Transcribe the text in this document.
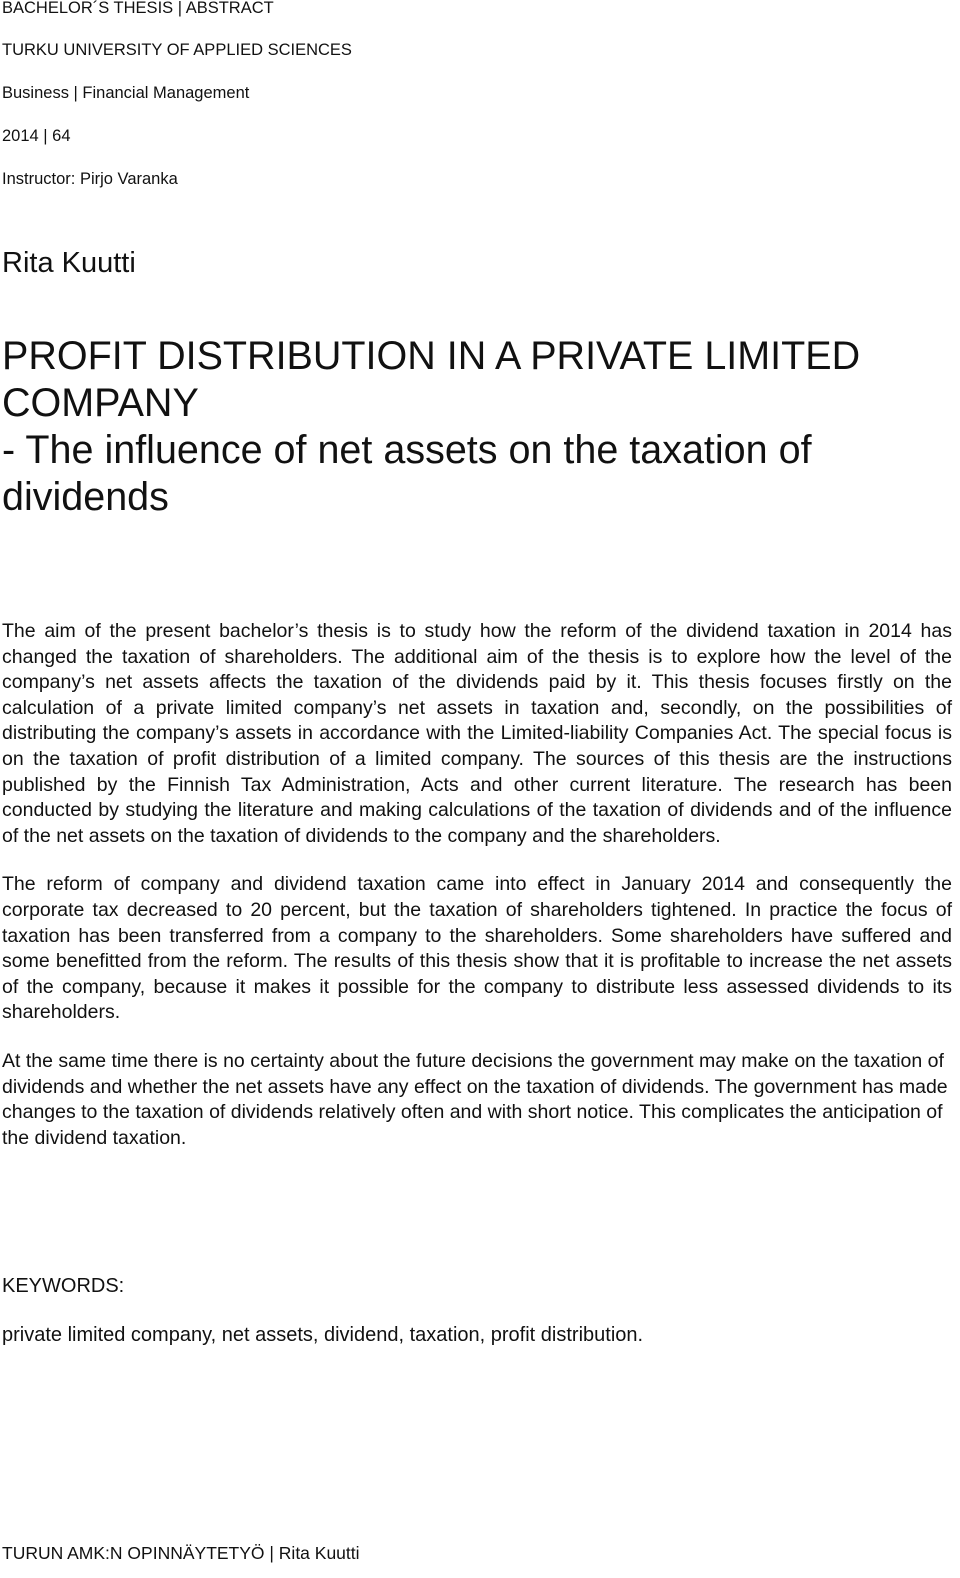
BACHELOR´S THESIS | ABSTRACT
TURKU UNIVERSITY OF APPLIED SCIENCES
Business | Financial Management
2014 | 64
Instructor: Pirjo Varanka
Rita Kuutti
PROFIT DISTRIBUTION IN A PRIVATE LIMITED
COMPANY
- The influence of net assets on the taxation of
dividends

The aim of the present bachelor’s thesis is to study how the reform of the dividend taxation in 2014 has changed the taxation of shareholders. The additional aim of the thesis is to explore how the level of the company’s net assets affects the taxation of the dividends paid by it. This thesis focuses firstly on the calculation of a private limited company’s net assets in taxation and, secondly, on the possibilities of distributing the company’s assets in accordance with the Limited-liability Companies Act. The special focus is on the taxation of profit distribution of a limited company. The sources of this thesis are the instructions published by the Finnish Tax Administration, Acts and other current literature. The research has been conducted by studying the literature and making calculations of the taxation of dividends and of the influence of the net assets on the taxation of dividends to the company and the shareholders.

The reform of company and dividend taxation came into effect in January 2014 and consequently the corporate tax decreased to 20 percent, but the taxation of shareholders tightened. In practice the focus of taxation has been transferred from a company to the shareholders. Some shareholders have suffered and some benefitted from the reform. The results of this thesis show that it is profitable to increase the net assets of the company, because it makes it possible for the company to distribute less assessed dividends to its shareholders.

At the same time there is no certainty about the future decisions the government may make on the taxation of dividends and whether the net assets have any effect on the taxation of dividends. The government has made changes to the taxation of dividends relatively often and with short notice. This complicates the anticipation of the dividend taxation.

KEYWORDS:
private limited company, net assets, dividend, taxation, profit distribution.
TURUN AMK:N OPINNÄYTETYÖ | Rita Kuutti
